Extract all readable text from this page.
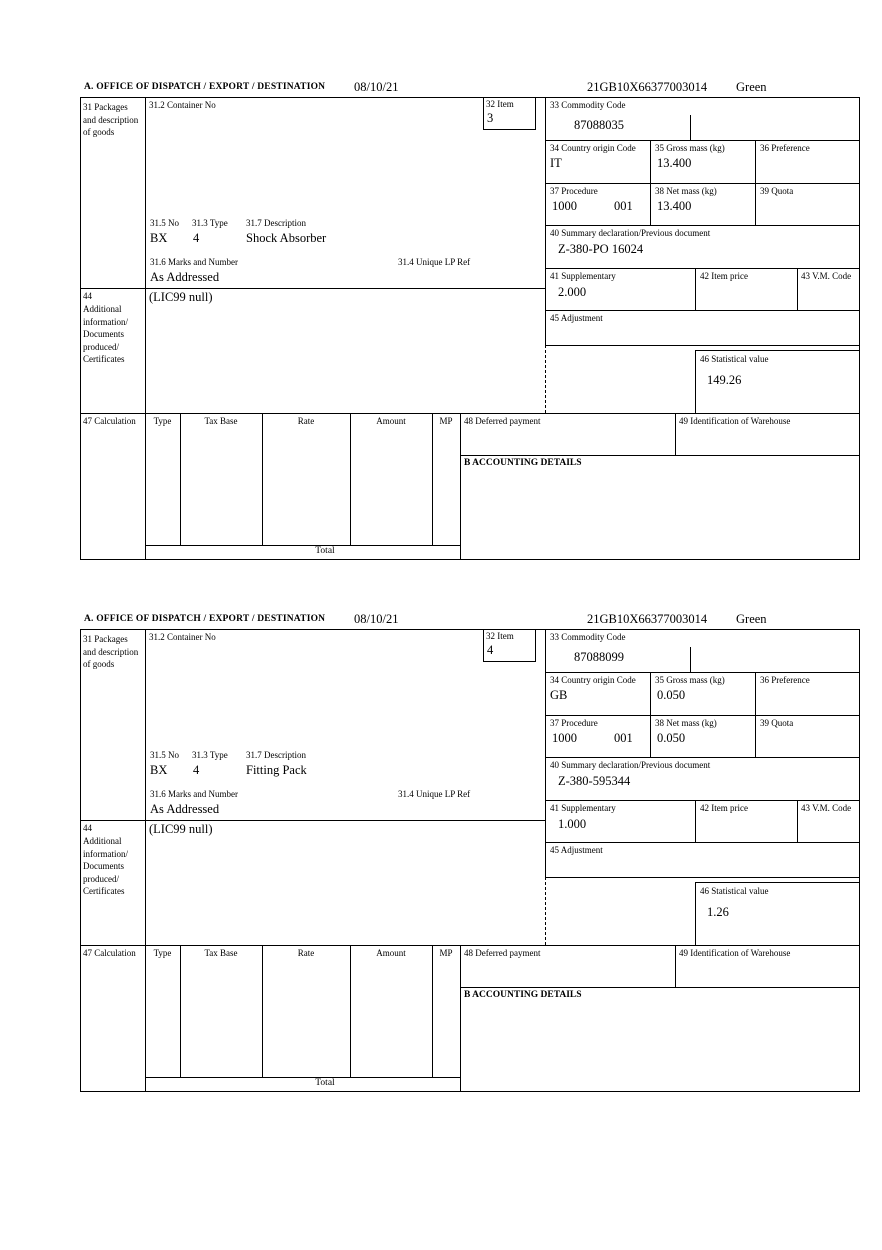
A. OFFICE OF DISPATCH / EXPORT / DESTINATION 08/10/21	21GB10X66377003014 Green
31 Packages and description of goods
44
Additional information/ Documents produced/ Certificates
47 Calculation
31.2 Container No	32 Item
3
31.5 No 31.3 Type 31.7 Description
BX 4	Shock Absorber
31.6 Marks and Number	31.4 Unique LP Ref
As Addressed
(LIC99 null)
33 Commodity Code
87088035
34 Country origin Code
IT
35 Gross mass (kg)
13.400
36 Preference
37 Procedure
1000	001
38 Net mass (kg)
13.400
39 Quota
40 Summary declaration/Previous document
Z-380-PO 16024
41 Supplementary
2.000
42 Item price	43 V.M. Code
45 Adjustment
46 Statistical value
149.26
Type	Tax Base	Rate	Amount	MP
Total
48 Deferred payment	49 Identification of Warehouse
B ACCOUNTING DETAILS
A. OFFICE OF DISPATCH / EXPORT / DESTINATION 08/10/21	21GB10X66377003014 Green
31 Packages and description of goods
44
Additional information/ Documents produced/ Certificates
47 Calculation
31.2 Container No	32 Item
4
31.5 No 31.3 Type 31.7 Description
BX 4	Fitting Pack
31.6 Marks and Number	31.4 Unique LP Ref
As Addressed
(LIC99 null)
33 Commodity Code
87088099
34 Country origin Code
GB
35 Gross mass (kg)
0.050
36 Preference
37 Procedure
1000	001
38 Net mass (kg)
0.050
39 Quota
40 Summary declaration/Previous document
Z-380-595344
41 Supplementary
1.000
42 Item price	43 V.M. Code
45 Adjustment
46 Statistical value
1.26
Type	Tax Base	Rate	Amount	MP
Total
48 Deferred payment	49 Identification of Warehouse
B ACCOUNTING DETAILS
